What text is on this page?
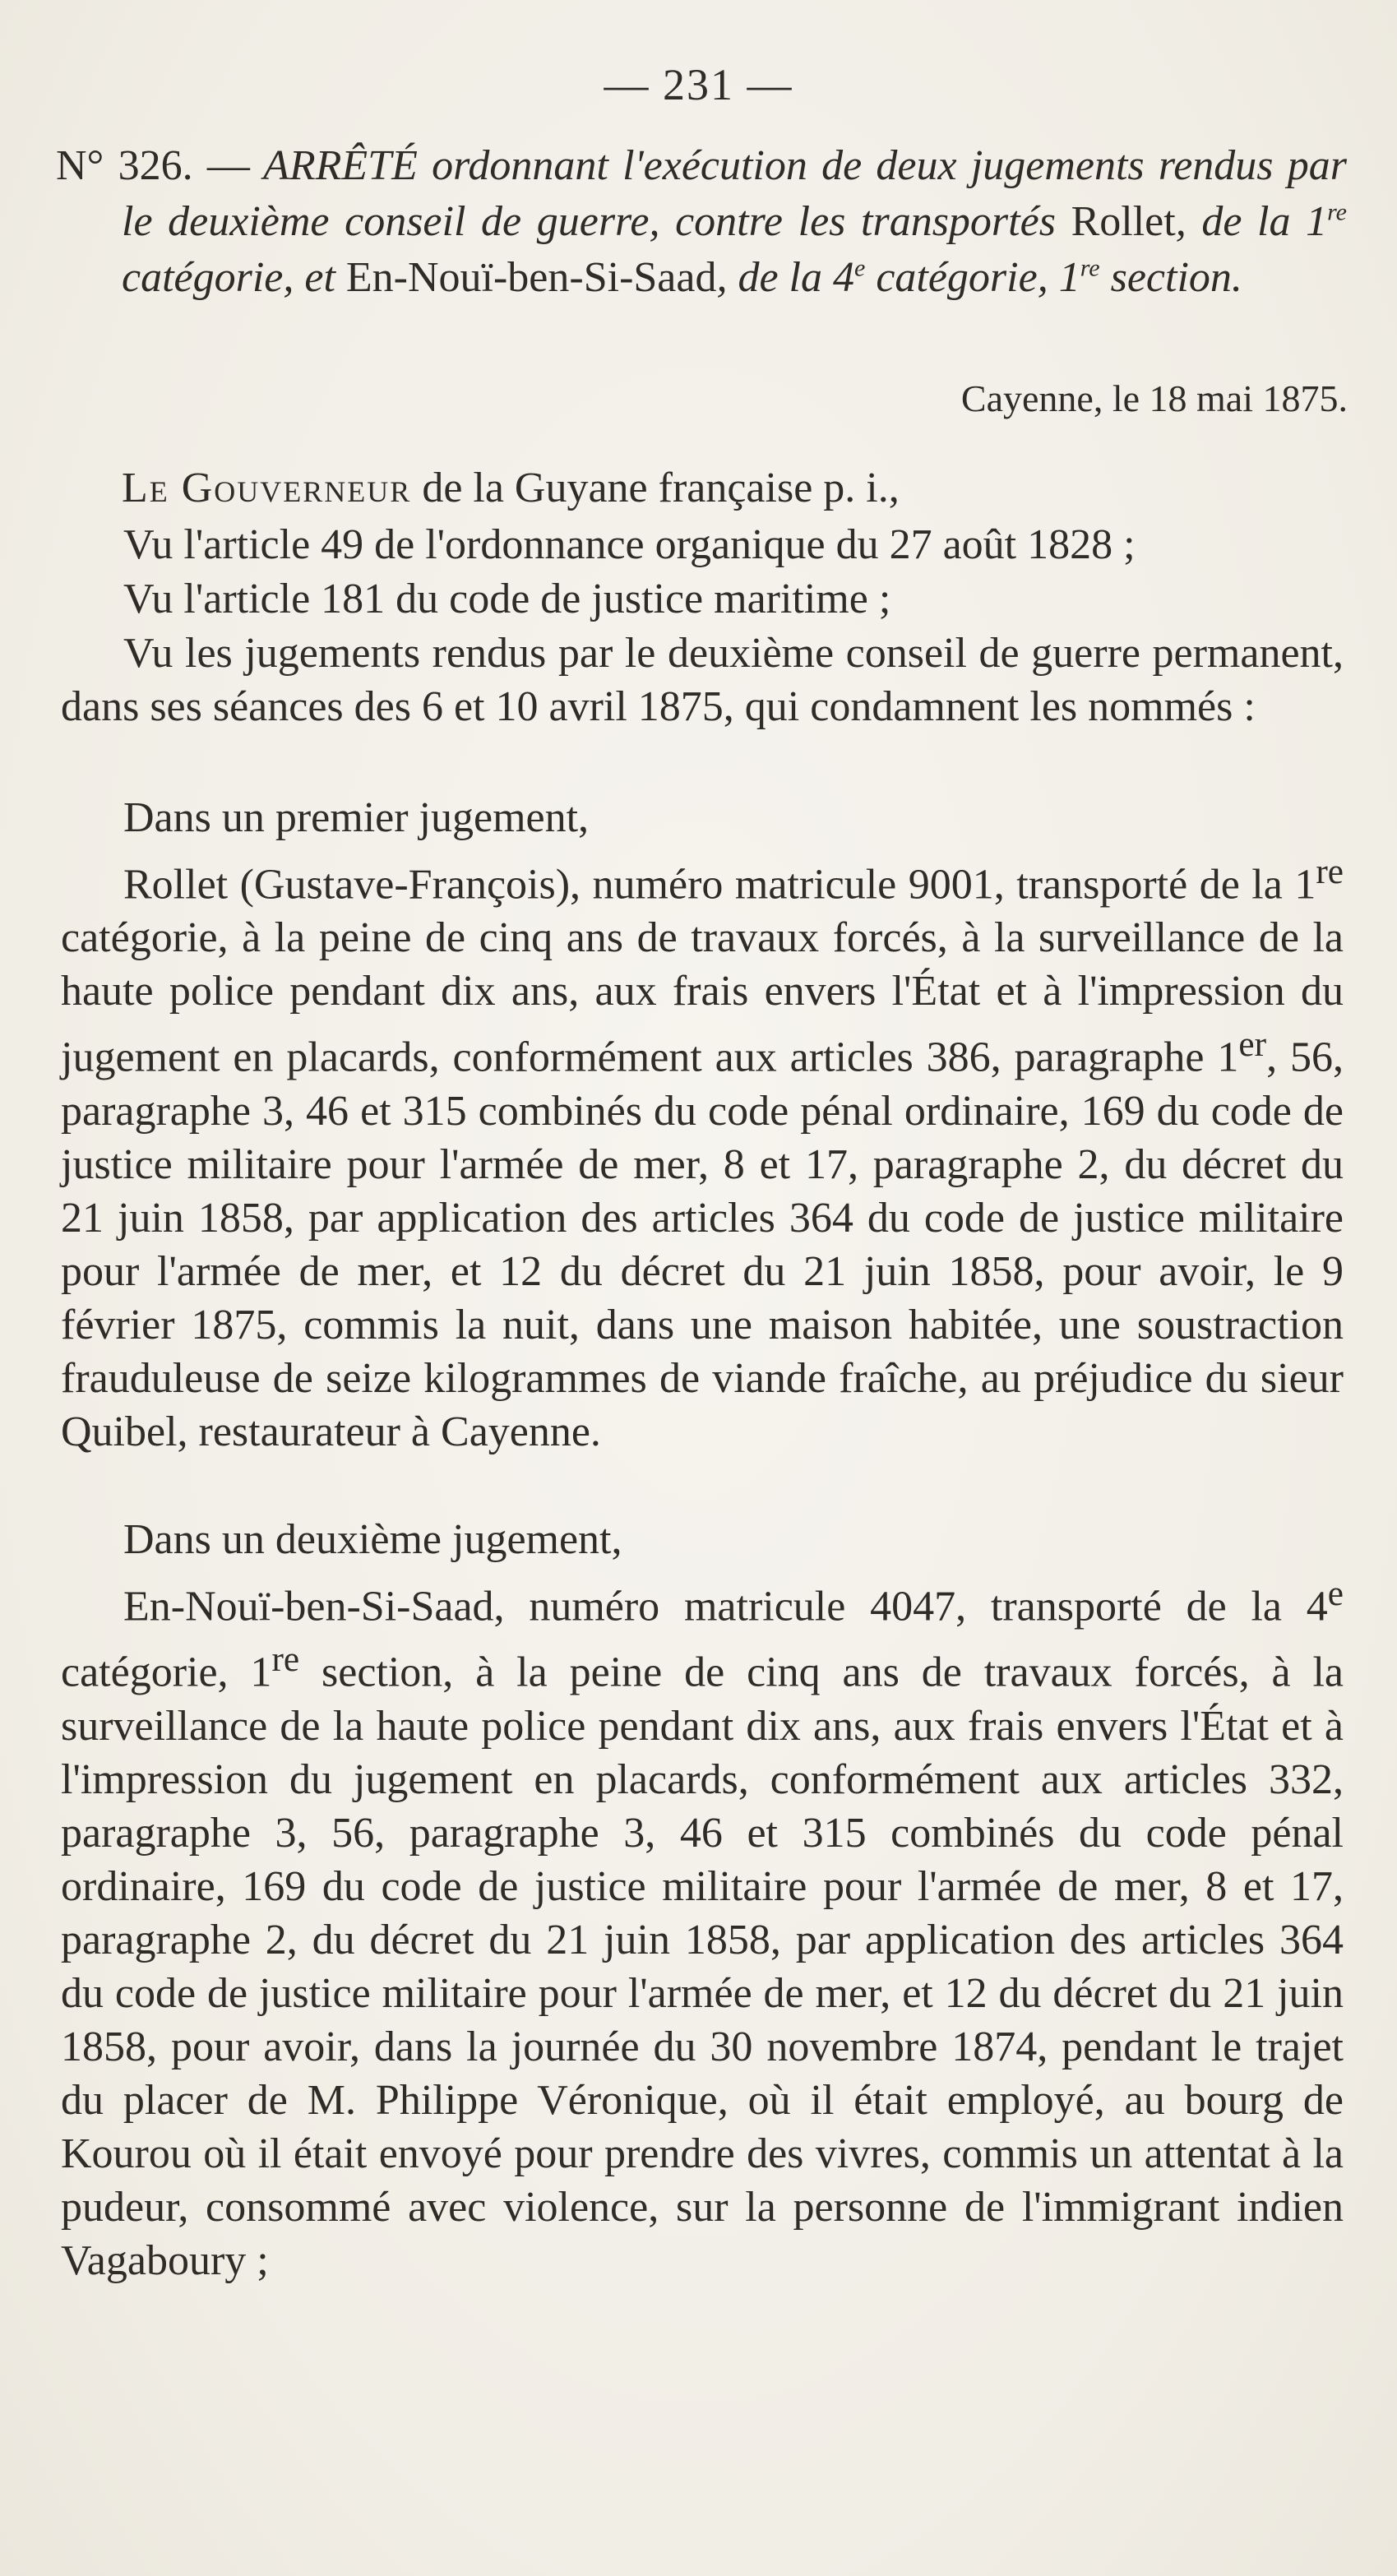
— 231 —
N° 326. — ARRÊTÉ ordonnant l'exécution de deux jugements rendus par le deuxième conseil de guerre, contre les transportés Rollet, de la 1re catégorie, et En-Nouï-ben-Si-Saad, de la 4e catégorie, 1re section.
Cayenne, le 18 mai 1875.
Le Gouverneur de la Guyane française p. i.,
Vu l'article 49 de l'ordonnance organique du 27 août 1828 ;
Vu l'article 181 du code de justice maritime ;
Vu les jugements rendus par le deuxième conseil de guerre permanent, dans ses séances des 6 et 10 avril 1875, qui condamnent les nommés :
Dans un premier jugement,
Rollet (Gustave-François), numéro matricule 9001, transporté de la 1re catégorie, à la peine de cinq ans de travaux forcés, à la surveillance de la haute police pendant dix ans, aux frais envers l'État et à l'impression du jugement en placards, conformément aux articles 386, paragraphe 1er, 56, paragraphe 3, 46 et 315 combinés du code pénal ordinaire, 169 du code de justice militaire pour l'armée de mer, 8 et 17, paragraphe 2, du décret du 21 juin 1858, par application des articles 364 du code de justice militaire pour l'armée de mer, et 12 du décret du 21 juin 1858, pour avoir, le 9 février 1875, commis la nuit, dans une maison habitée, une soustraction frauduleuse de seize kilogrammes de viande fraîche, au préjudice du sieur Quibel, restaurateur à Cayenne.
Dans un deuxième jugement,
En-Nouï-ben-Si-Saad, numéro matricule 4047, transporté de la 4e catégorie, 1re section, à la peine de cinq ans de travaux forcés, à la surveillance de la haute police pendant dix ans, aux frais envers l'État et à l'impression du jugement en placards, conformément aux articles 332, paragraphe 3, 56, paragraphe 3, 46 et 315 combinés du code pénal ordinaire, 169 du code de justice militaire pour l'armée de mer, 8 et 17, paragraphe 2, du décret du 21 juin 1858, par application des articles 364 du code de justice militaire pour l'armée de mer, et 12 du décret du 21 juin 1858, pour avoir, dans la journée du 30 novembre 1874, pendant le trajet du placer de M. Philippe Véronique, où il était employé, au bourg de Kourou où il était envoyé pour prendre des vivres, commis un attentat à la pudeur, consommé avec violence, sur la personne de l'immigrant indien Vagaboury ;
